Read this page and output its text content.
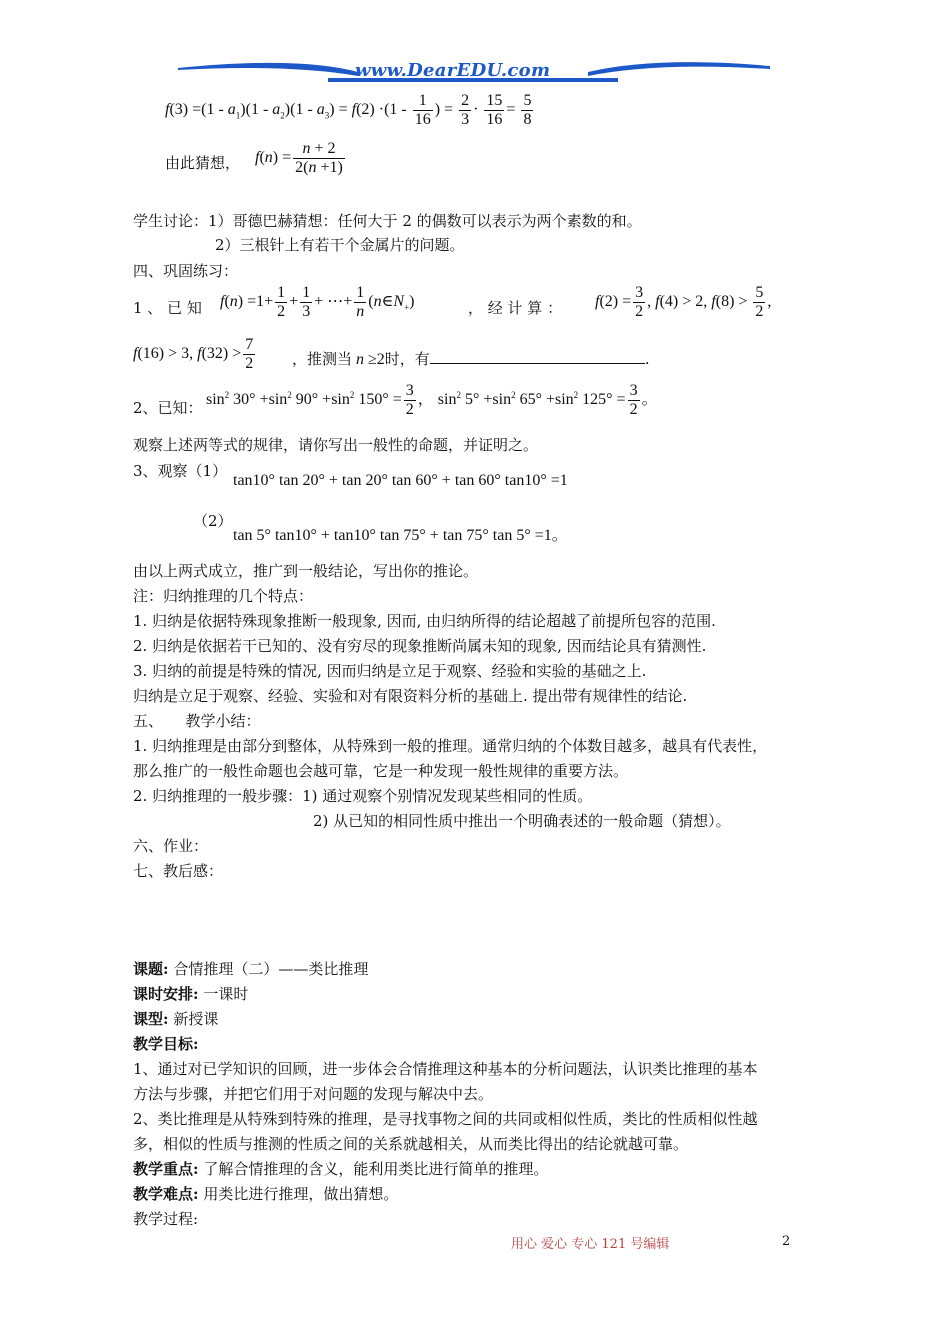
www.DearEDU.com
$f(3) =(1 - a_1)(1 - a_2)(1 - a_3) = f(2) \cdot(1 - \frac{1}{16}$ ) = $\frac{2}{3} \cdot \frac{15}{16} = \frac{5}{8}$
由此猜想， $f(n) = \frac{n + 2}{2(n +1)}$
学生讨论：1）哥德巴赫猜想：任何大于 2 的偶数可以表示为两个素数的和。
2）三根针上有若干个金属片的问题。
四、巩固练习：
1 、 已 知 $f(n) =1+ \frac{1}{2} + \frac{1}{3}$ + ⋯+ $\frac{1}{n}$ $(n\in N_+)$	， 经 计 算 ： $f(2) = \frac{3}{2}$ , f(4) > 2, $f(8) > \frac{5}{2}$ ,
f(16) > 3, $f(32) > \frac{7}{2}$ ，推测当 n ≥2时，有	.
2、已知： $\sin^2 30^\circ +\sin^2$ $90^\circ +\sin^2$ $150^\circ = \frac{3}{2}$ ， $\sin^2 5^\circ +\sin^2$ $65^\circ +\sin^2$ $125^\circ = \frac{3}{2}$ 。
观察上述两等式的规律，请你写出一般性的命题，并证明之。
3、观察（1）
tan10° tan 20° + tan 20° tan 60° + tan 60° tan10° =1
（2）
tan 5° tan10° + tan10° tan 75° + tan 75° tan 5° =1。
由以上两式成立，推广到一般结论，写出你的推论。
注：归纳推理的几个特点：
1. 归纳是依据特殊现象推断一般现象, 因而, 由归纳所得的结论超越了前提所包容的范围.
2. 归纳是依据若干已知的、没有穷尽的现象推断尚属未知的现象, 因而结论具有猜测性.
3. 归纳的前提是特殊的情况, 因而归纳是立足于观察、经验和实验的基础之上.
归纳是立足于观察、经验、实验和对有限资料分析的基础上. 提出带有规律性的结论.
五、　　教学小结：
1. 归纳推理是由部分到整体，从特殊到一般的推理。通常归纳的个体数目越多，越具有代表性，
那么推广的一般性命题也会越可靠，它是一种发现一般性规律的重要方法。
2. 归纳推理的一般步骤：1) 通过观察个别情况发现某些相同的性质。
2) 从已知的相同性质中推出一个明确表述的一般命题（猜想）。
六、作业：
七、教后感：
课题: 合情推理（二）——类比推理
课时安排: 一课时
课型: 新授课
教学目标:
1、通过对已学知识的回顾，进一步体会合情推理这种基本的分析问题法，认识类比推理的基本
方法与步骤，并把它们用于对问题的发现与解决中去。
2、类比推理是从特殊到特殊的推理，是寻找事物之间的共同或相似性质，类比的性质相似性越
多，相似的性质与推测的性质之间的关系就越相关，从而类比得出的结论就越可靠。
教学重点: 了解合情推理的含义，能利用类比进行简单的推理。
教学难点: 用类比进行推理，做出猜想。
教学过程:
用心 爱心 专心 121 号编辑	2
